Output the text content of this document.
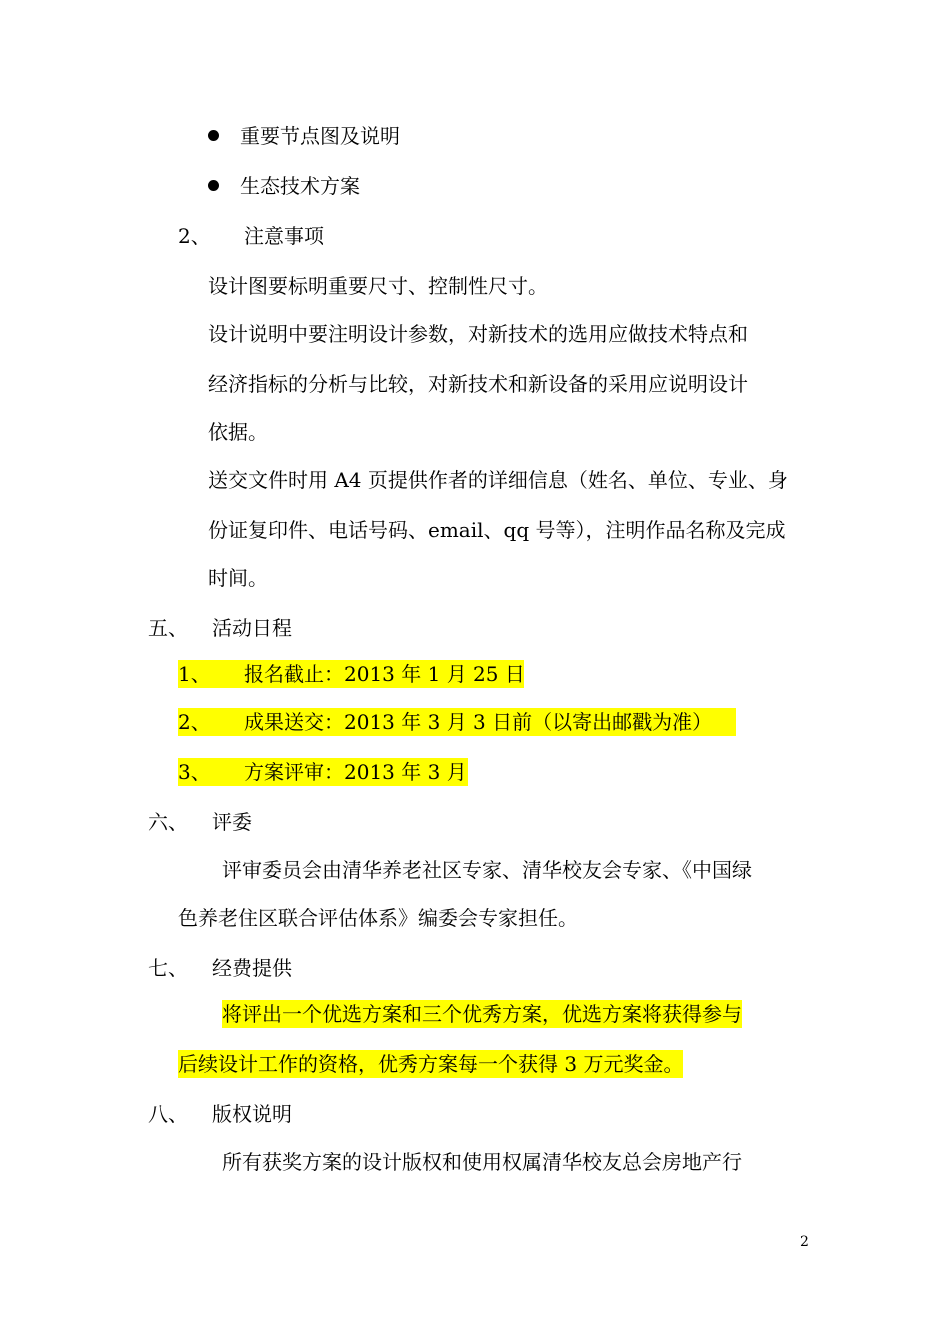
重要节点图及说明
生态技术方案
2、 注意事项
设计图要标明重要尺寸、控制性尺寸。
设计说明中要注明设计参数，对新技术的选用应做技术特点和
经济指标的分析与比较，对新技术和新设备的采用应说明设计
依据。
送交文件时用 A4 页提供作者的详细信息（姓名、单位、专业、身
份证复印件、电话号码、email、qq 号等），注明作品名称及完成
时间。
五、 活动日程
1、 报名截止：2013 年 1 月 25 日
2、 成果送交：2013 年 3 月 3 日前（以寄出邮戳为准）
3、 方案评审：2013 年 3 月
六、 评委
评审委员会由清华养老社区专家、清华校友会专家、《中国绿
色养老住区联合评估体系》编委会专家担任。
七、 经费提供
将评出一个优选方案和三个优秀方案，优选方案将获得参与
后续设计工作的资格，优秀方案每一个获得 3 万元奖金。
八、 版权说明
所有获奖方案的设计版权和使用权属清华校友总会房地产行
2
